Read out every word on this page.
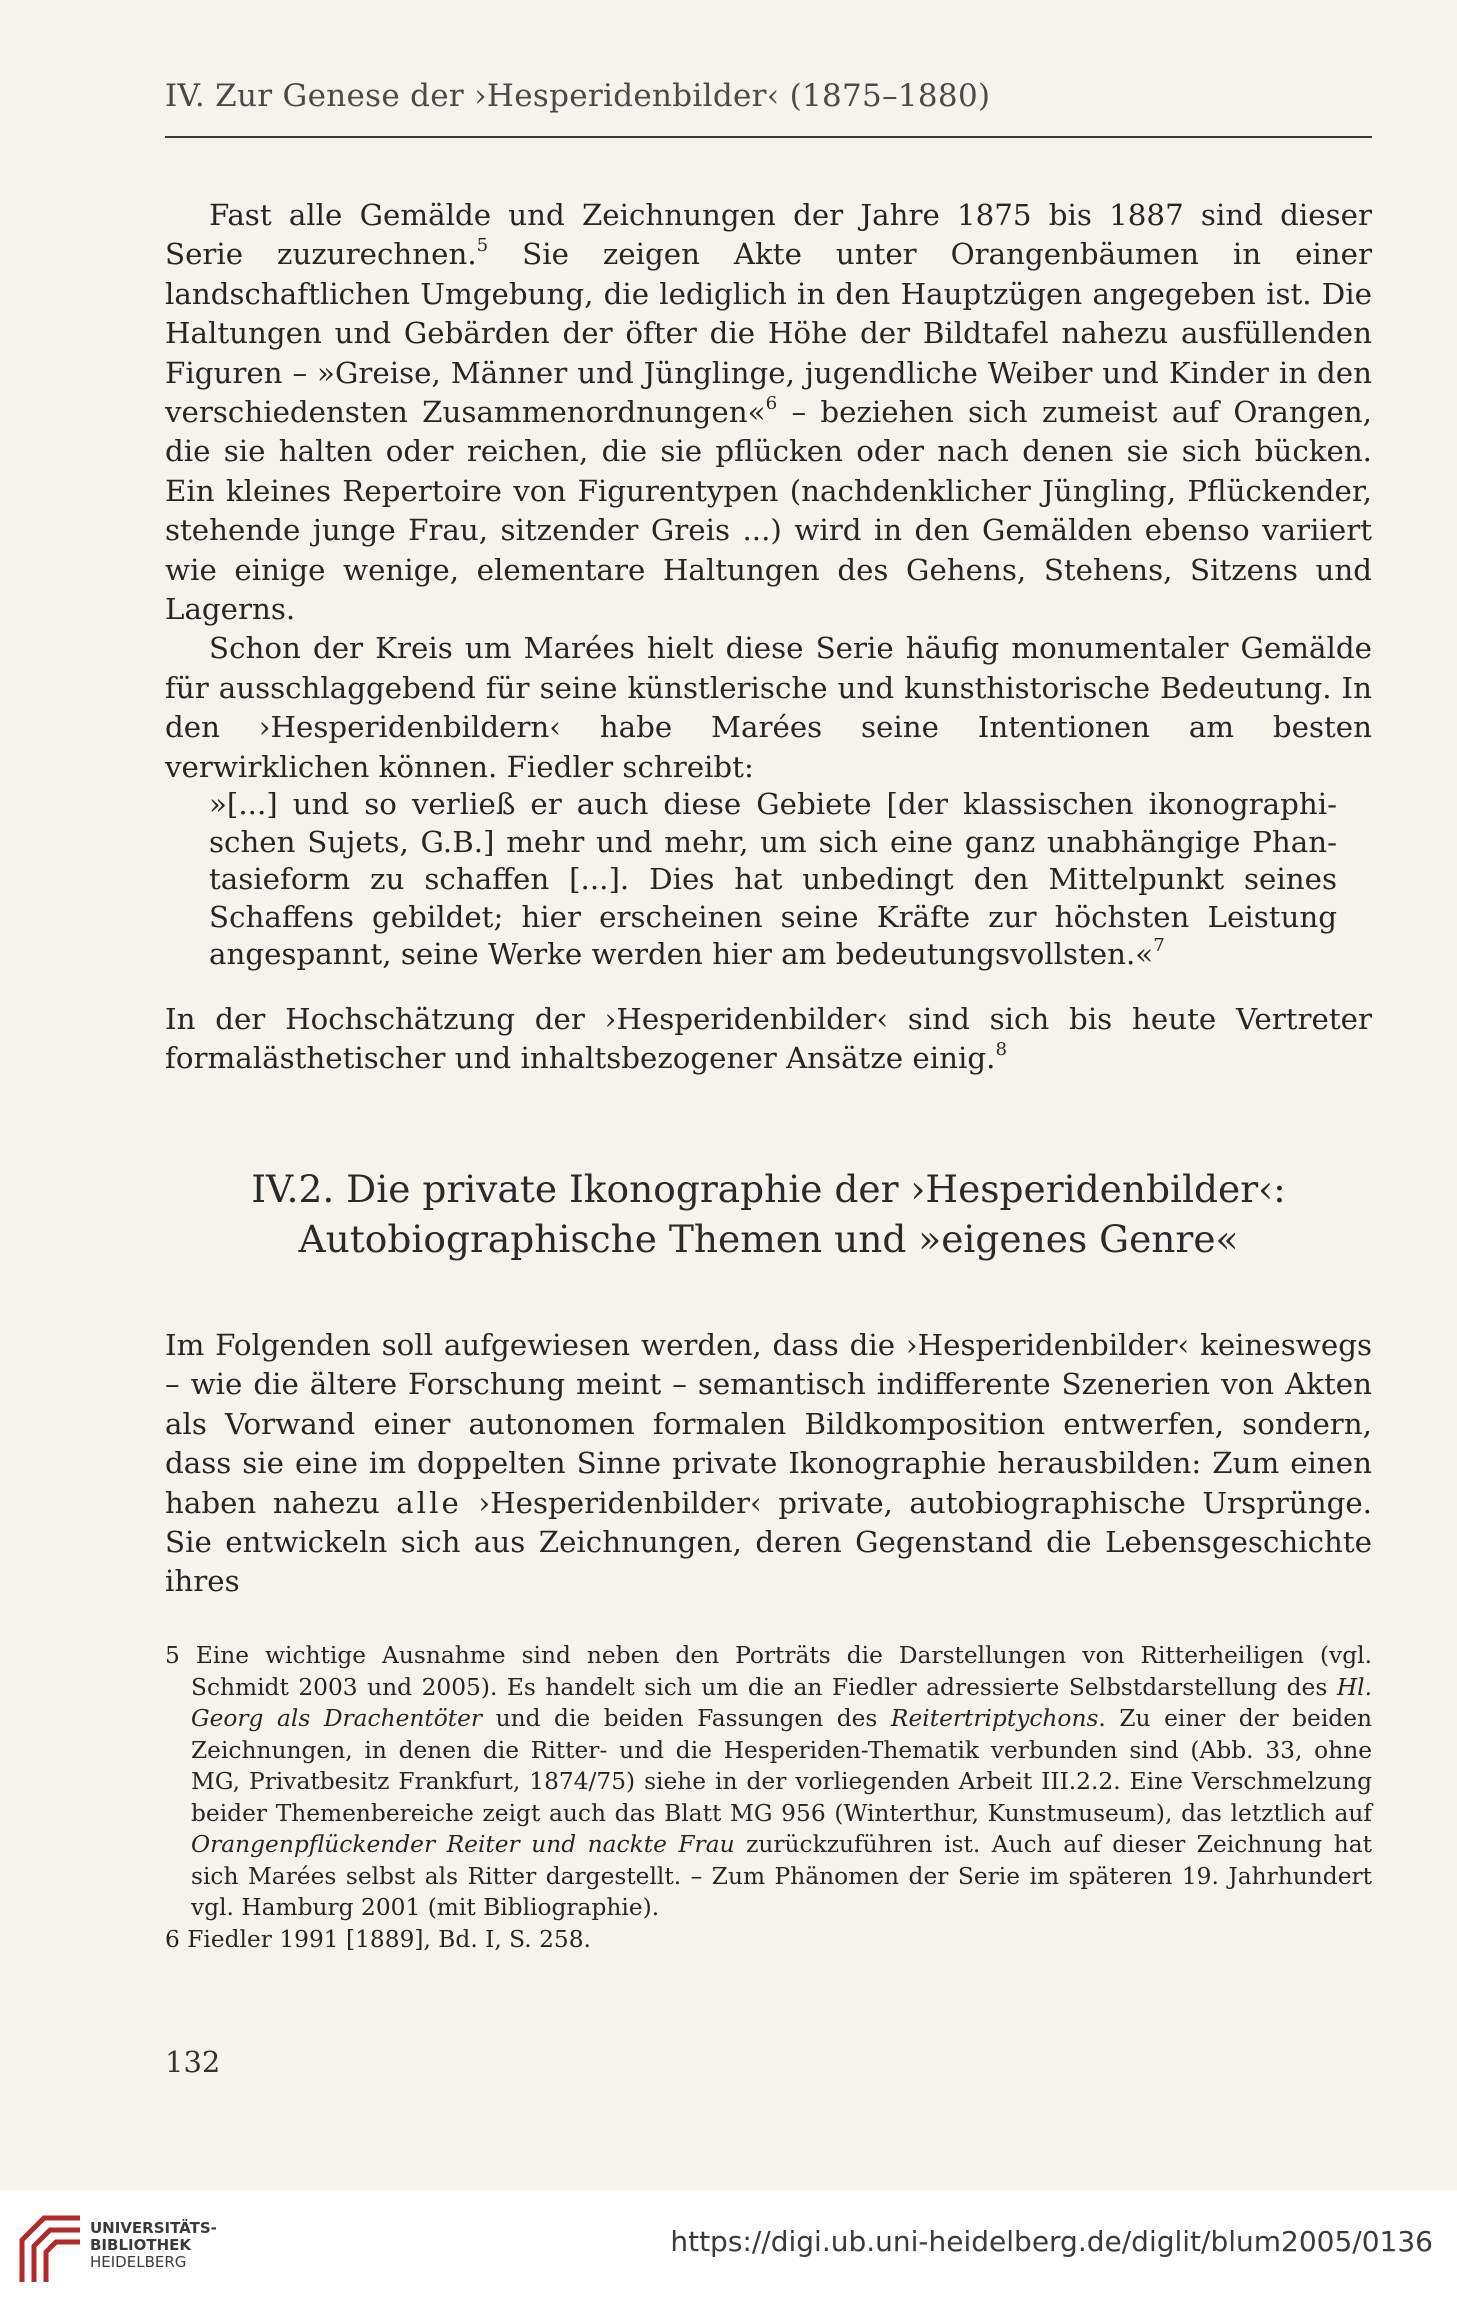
IV. Zur Genese der ›Hesperidenbilder‹ (1875–1880)

Fast alle Gemälde und Zeichnungen der Jahre 1875 bis 1887 sind dieser Serie zuzurechnen.$^5$ Sie zeigen Akte unter Orangenbäumen in einer landschaftlichen Umgebung, die lediglich in den Hauptzügen angegeben ist. Die Haltungen und Gebärden der öfter die Höhe der Bildtafel nahezu ausfüllenden Figuren – »Greise, Männer und Jünglinge, jugendliche Weiber und Kinder in den verschiedensten Zusammenordnungen«$^6$ – beziehen sich zumeist auf Orangen, die sie halten oder reichen, die sie pflücken oder nach denen sie sich bücken. Ein kleines Repertoire von Figurentypen (nachdenklicher Jüngling, Pflückender, stehende junge Frau, sitzender Greis ...) wird in den Gemälden ebenso variiert wie einige wenige, elementare Haltungen des Gehens, Stehens, Sitzens und Lagerns.

Schon der Kreis um Marées hielt diese Serie häufig monumentaler Gemälde für ausschlaggebend für seine künstlerische und kunsthistorische Bedeutung. In den ›Hesperidenbildern‹ habe Marées seine Intentionen am besten verwirklichen können. Fiedler schreibt:

»[...] und so verließ er auch diese Gebiete [der klassischen ikonographischen Sujets, G.B.] mehr und mehr, um sich eine ganz unabhängige Phantasieform zu schaffen [...]. Dies hat unbedingt den Mittelpunkt seines Schaffens gebildet; hier erscheinen seine Kräfte zur höchsten Leistung angespannt, seine Werke werden hier am bedeutungsvollsten.«$^7$

In der Hochschätzung der ›Hesperidenbilder‹ sind sich bis heute Vertreter formalästhetischer und inhaltsbezogener Ansätze einig.$^8$

IV.2. Die private Ikonographie der ›Hesperidenbilder‹:
Autobiographische Themen und »eigenes Genre«

Im Folgenden soll aufgewiesen werden, dass die ›Hesperidenbilder‹ keineswegs – wie die ältere Forschung meint – semantisch indifferente Szenerien von Akten als Vorwand einer autonomen formalen Bildkomposition entwerfen, sondern, dass sie eine im doppelten Sinne private Ikonographie herausbilden: Zum einen haben nahezu alle ›Hesperidenbilder‹ private, autobiographische Ursprünge. Sie entwickeln sich aus Zeichnungen, deren Gegenstand die Lebensgeschichte ihres

5 Eine wichtige Ausnahme sind neben den Porträts die Darstellungen von Ritterheiligen (vgl. Schmidt 2003 und 2005). Es handelt sich um die an Fiedler adressierte Selbstdarstellung des Hl. Georg als Drachentöter und die beiden Fassungen des Reitertriptychons. Zu einer der beiden Zeichnungen, in denen die Ritter- und die Hesperiden-Thematik verbunden sind (Abb. 33, ohne MG, Privatbesitz Frankfurt, 1874/75) siehe in der vorliegenden Arbeit III.2.2. Eine Verschmelzung beider Themenbereiche zeigt auch das Blatt MG 956 (Winterthur, Kunstmuseum), das letztlich auf Orangenpflückender Reiter und nackte Frau zurückzuführen ist. Auch auf dieser Zeichnung hat sich Marées selbst als Ritter dargestellt. – Zum Phänomen der Serie im späteren 19. Jahrhundert vgl. Hamburg 2001 (mit Bibliographie).

6 Fiedler 1991 [1889], Bd. I, S. 258.

132
UNIVERSITÄTS-
BIBLIOTHEK
HEIDELBERG
https://digi.ub.uni-heidelberg.de/diglit/blum2005/0136
